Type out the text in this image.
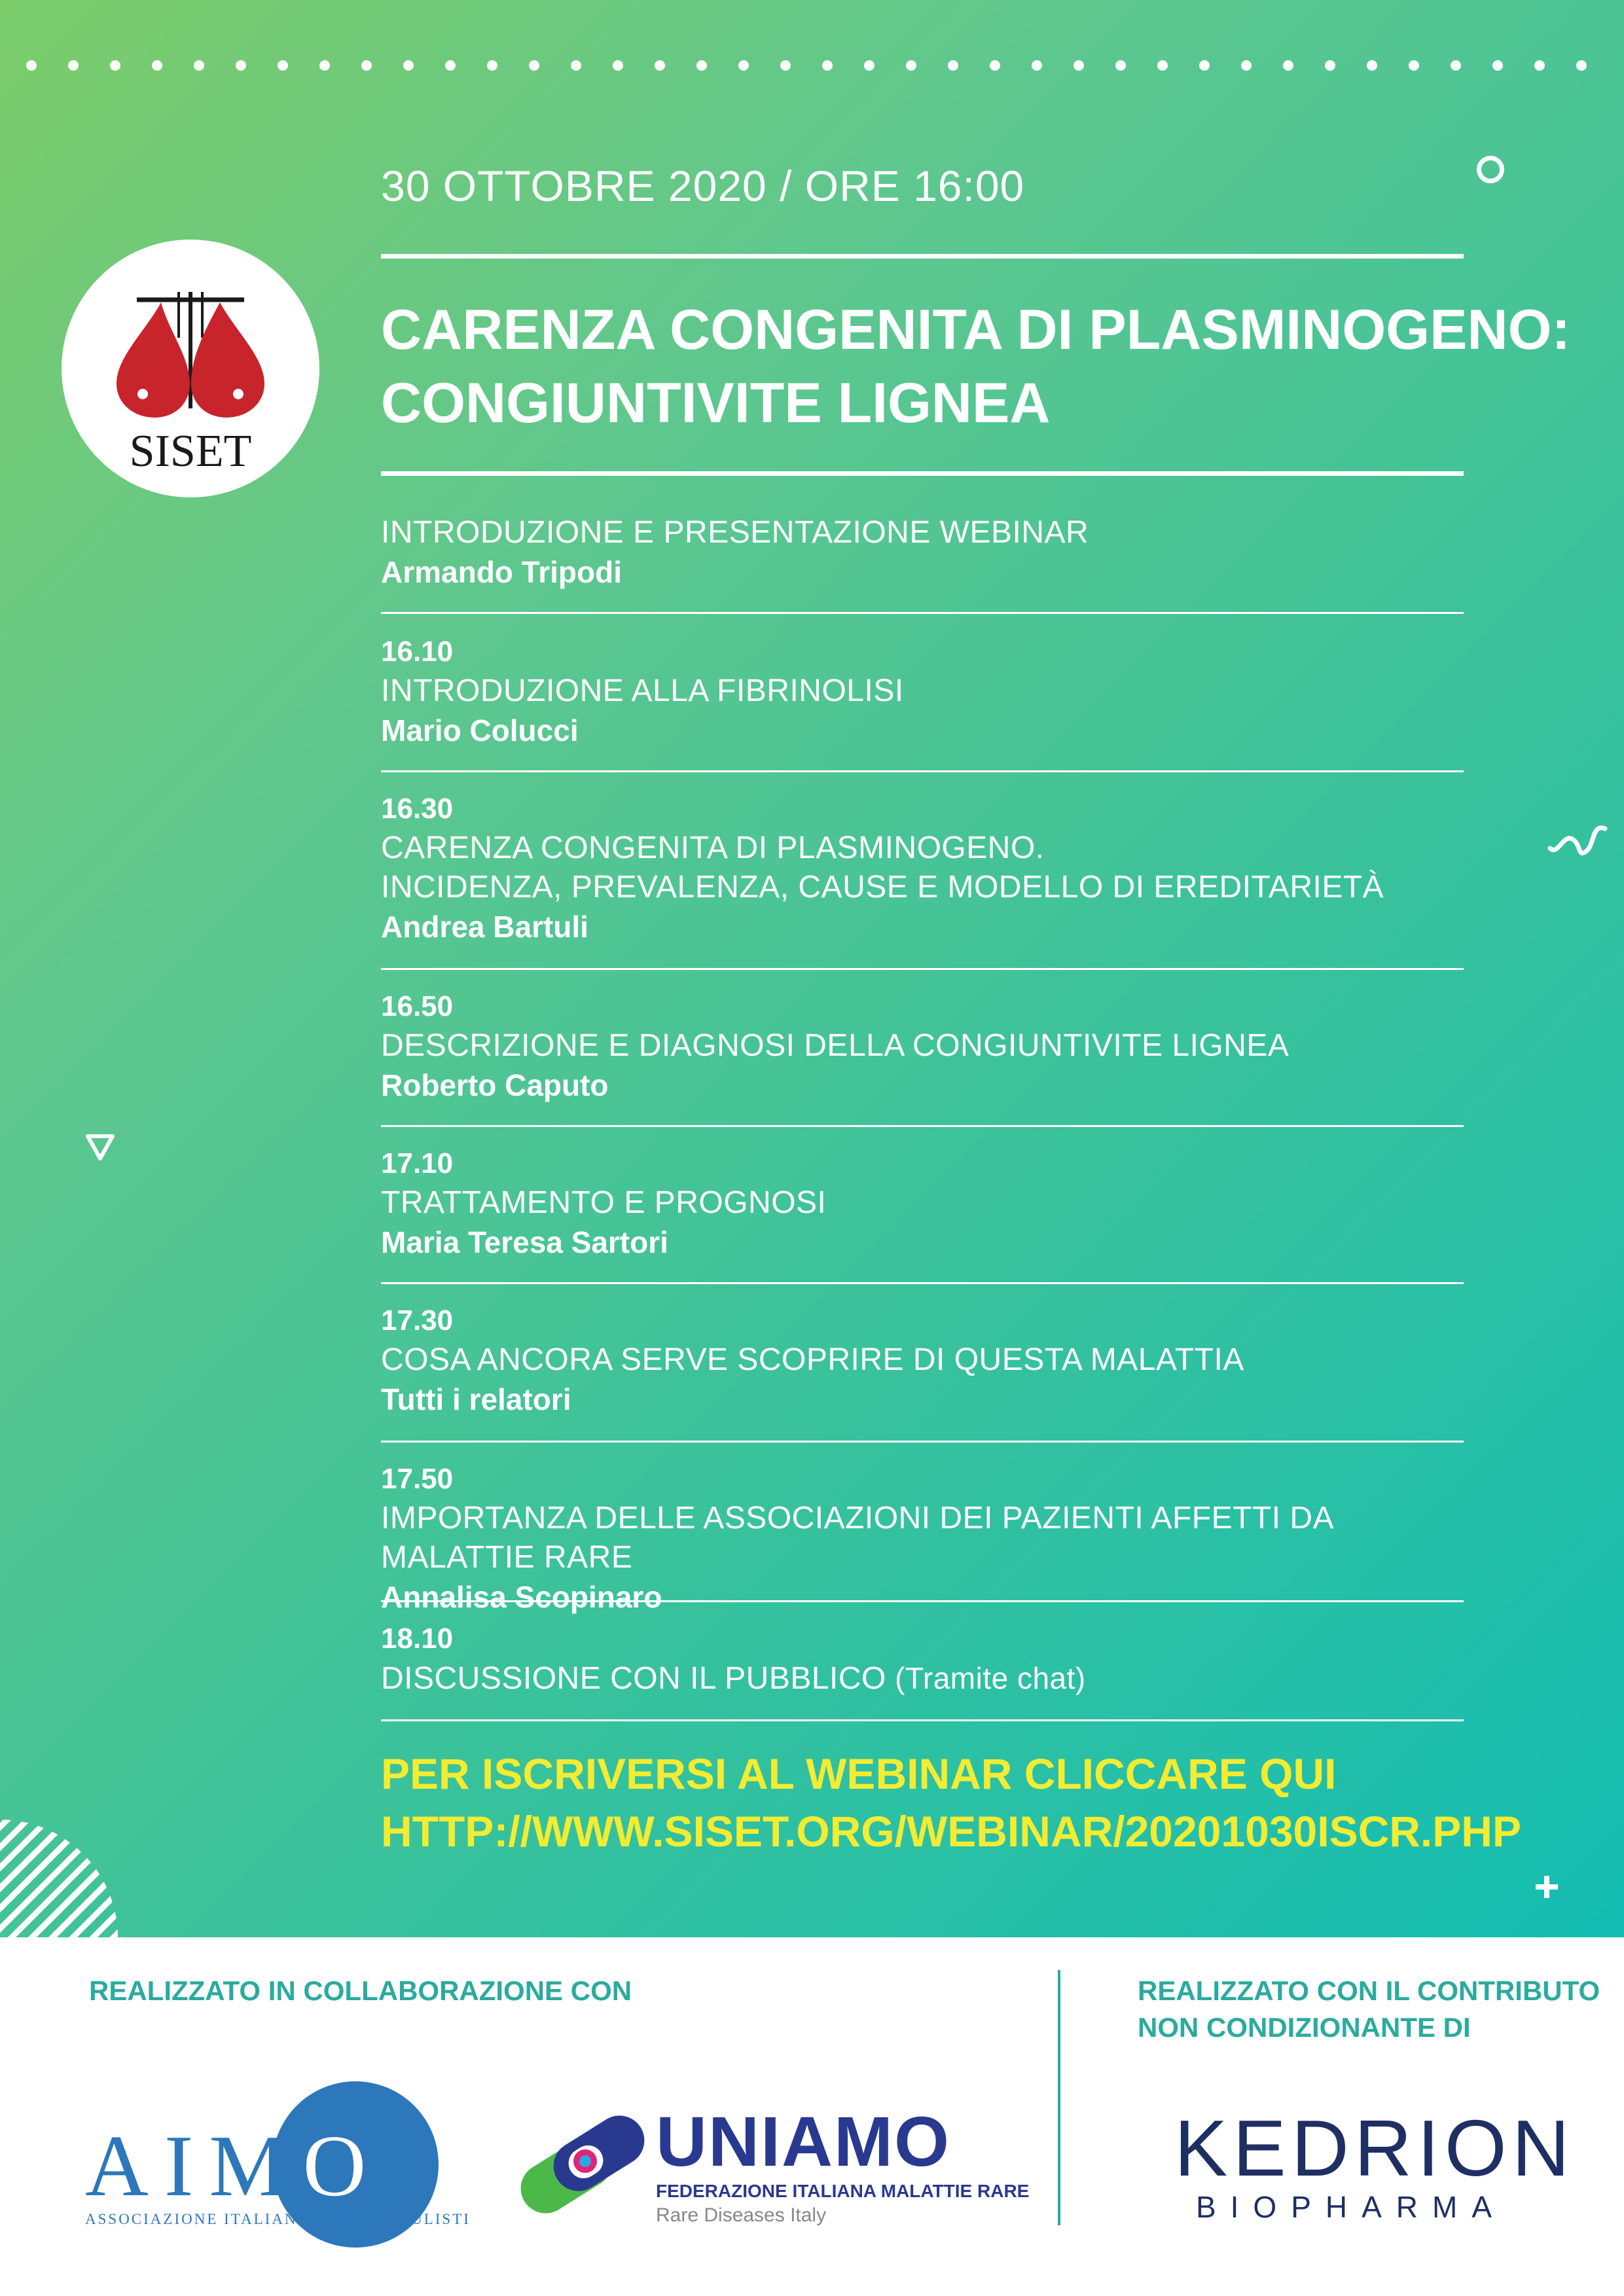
SISET
30 OTTOBRE 2020 / ORE 16:00
CARENZA CONGENITA DI PLASMINOGENO:
CONGIUNTIVITE LIGNEA
INTRODUZIONE E PRESENTAZIONE WEBINAR
Armando Tripodi
16.10
INTRODUZIONE ALLA FIBRINOLISI
Mario Colucci
16.30
CARENZA CONGENITA DI PLASMINOGENO.
INCIDENZA, PREVALENZA, CAUSE E MODELLO DI EREDITARIETÀ
Andrea Bartuli
16.50
DESCRIZIONE E DIAGNOSI DELLA CONGIUNTIVITE LIGNEA
Roberto Caputo
17.10
TRATTAMENTO E PROGNOSI
Maria Teresa Sartori
17.30
COSA ANCORA SERVE SCOPRIRE DI QUESTA MALATTIA
Tutti i relatori
17.50
IMPORTANZA DELLE ASSOCIAZIONI DEI PAZIENTI AFFETTI DA MALATTIE RARE
Annalisa Scopinaro
18.10
DISCUSSIONE CON IL PUBBLICO (Tramite chat)
PER ISCRIVERSI AL WEBINAR CLICCARE QUI
HTTP://WWW.SISET.ORG/WEBINAR/20201030ISCR.PHP
REALIZZATO IN COLLABORAZIONE CON	REALIZZATO CON IL CONTRIBUTO
NON CONDIZIONANTE DI
AIMO
ASSOCIAZIONE ITALIANA MEDICI OCULISTI
UNIAMO
FEDERAZIONE ITALIANA MALATTIE RARE
Rare Diseases Italy
KEDRION
BIOPHARMA
